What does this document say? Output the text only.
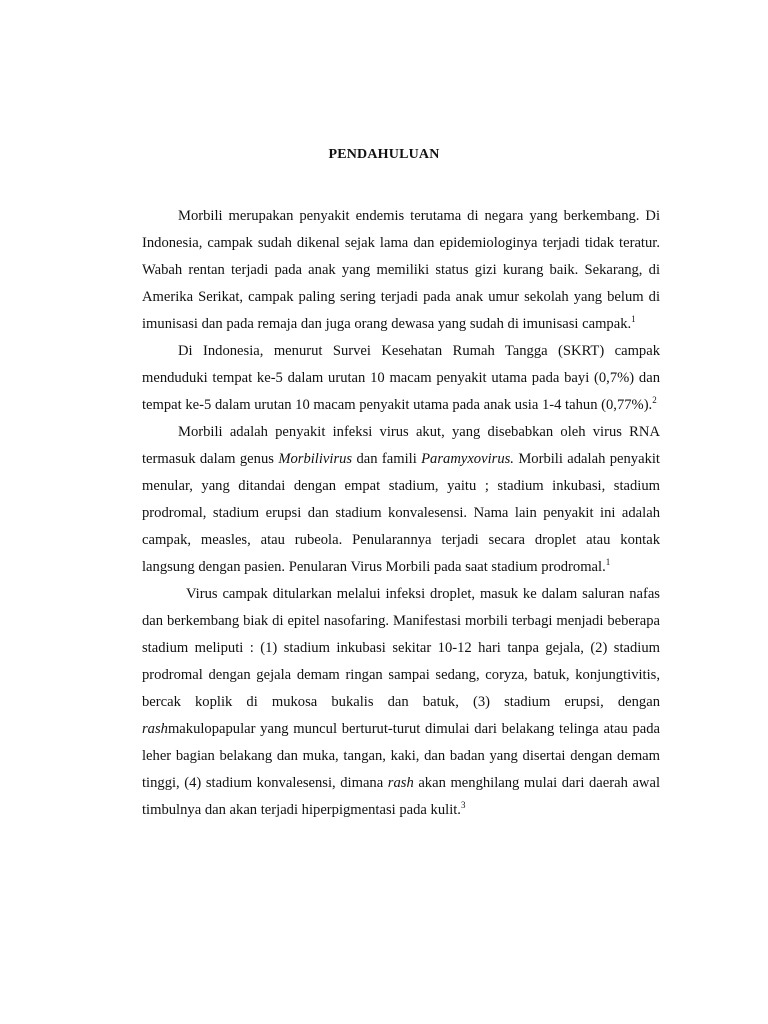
PENDAHULUAN

Morbili merupakan penyakit endemis terutama di negara yang berkembang. Di Indonesia, campak sudah dikenal sejak lama dan epidemiologinya terjadi tidak teratur. Wabah rentan terjadi pada anak yang memiliki status gizi kurang baik. Sekarang, di Amerika Serikat, campak paling sering terjadi pada anak umur sekolah yang belum di imunisasi dan pada remaja dan juga orang dewasa yang sudah di imunisasi campak.$^1$

Di Indonesia, menurut Survei Kesehatan Rumah Tangga (SKRT) campak menduduki tempat ke-5 dalam urutan 10 macam penyakit utama pada bayi (0,7%) dan tempat ke-5 dalam urutan 10 macam penyakit utama pada anak usia 1-4 tahun (0,77%).$^2$

Morbili adalah penyakit infeksi virus akut, yang disebabkan oleh virus RNA termasuk dalam genus Morbilivirus dan famili Paramyxovirus. Morbili adalah penyakit menular, yang ditandai dengan empat stadium, yaitu ; stadium inkubasi, stadium prodromal, stadium erupsi dan stadium konvalesensi. Nama lain penyakit ini adalah campak, measles, atau rubeola. Penularannya terjadi secara droplet atau kontak langsung dengan pasien. Penularan Virus Morbili pada saat stadium prodromal.$^1$

Virus campak ditularkan melalui infeksi droplet, masuk ke dalam saluran nafas dan berkembang biak di epitel nasofaring. Manifestasi morbili terbagi menjadi beberapa stadium meliputi : (1) stadium inkubasi sekitar 10-12 hari tanpa gejala, (2) stadium prodromal dengan gejala demam ringan sampai sedang, coryza, batuk, konjungtivitis, bercak koplik di mukosa bukalis dan batuk, (3) stadium erupsi, dengan rashmakulopapular yang muncul berturut-turut dimulai dari belakang telinga atau pada leher bagian belakang dan muka, tangan, kaki, dan badan yang disertai dengan demam tinggi, (4) stadium konvalesensi, dimana rash akan menghilang mulai dari daerah awal timbulnya dan akan terjadi hiperpigmentasi pada kulit.$^3$
